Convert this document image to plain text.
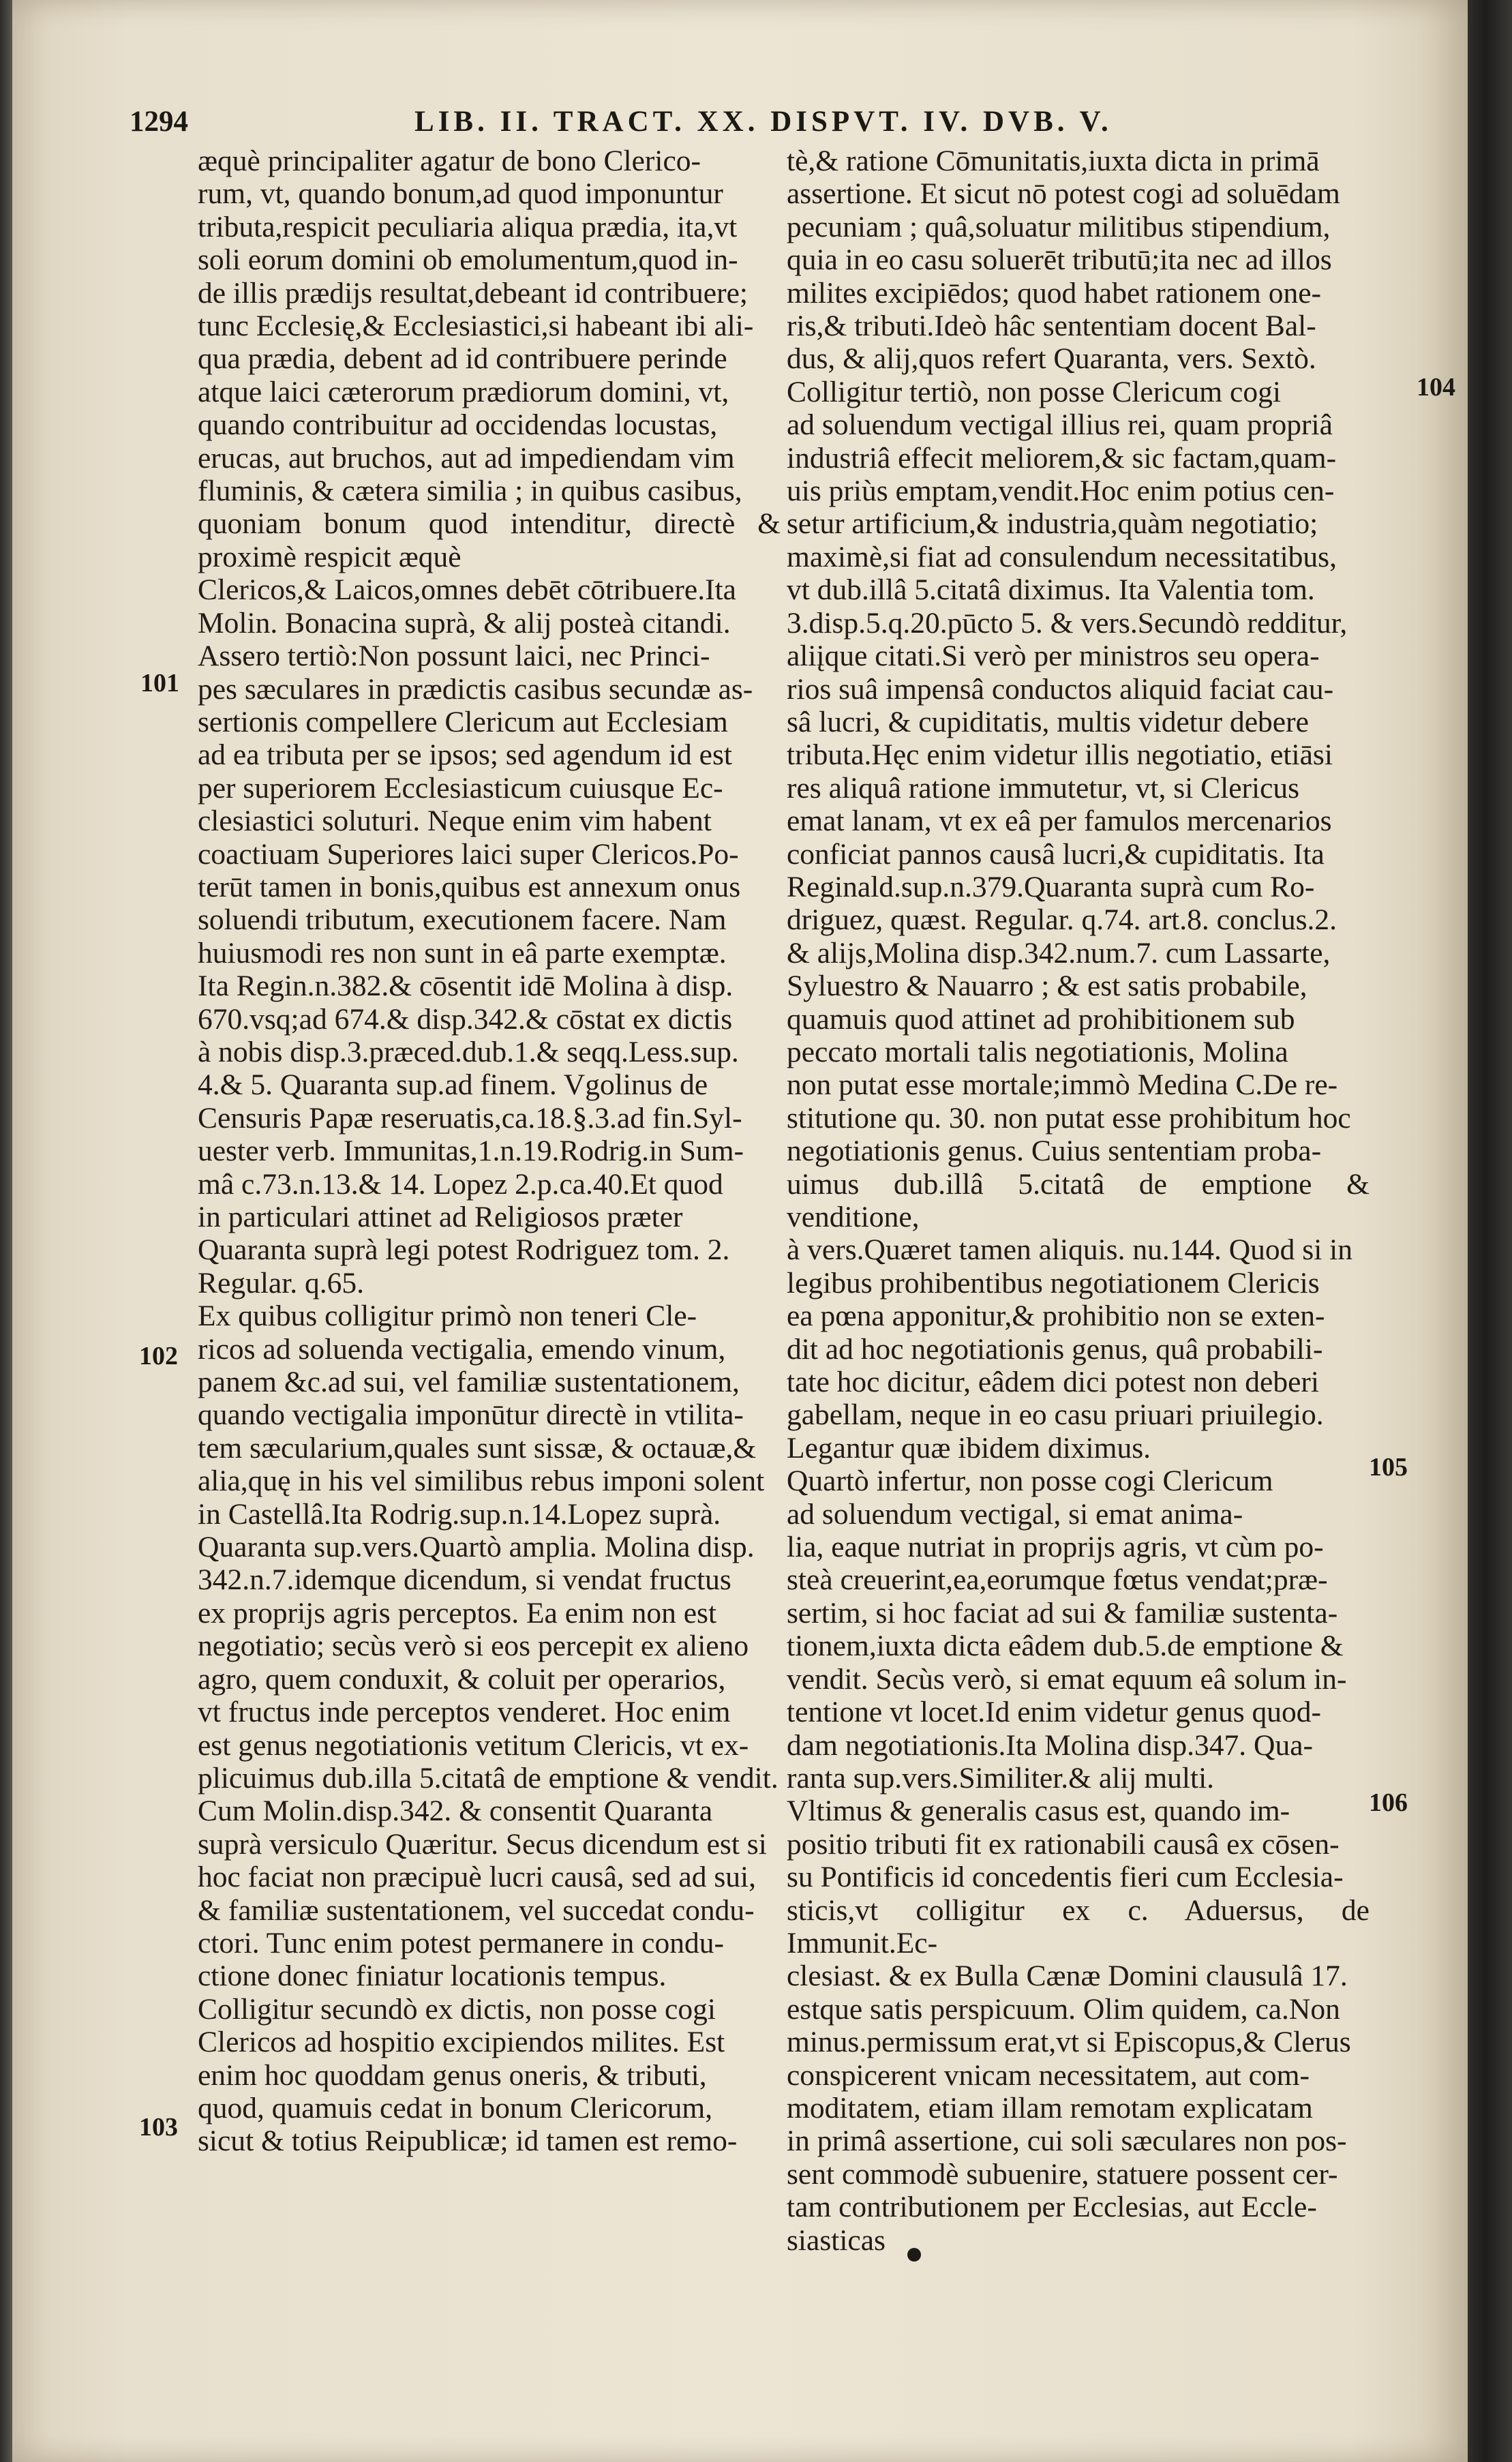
1294	LIB. II. TRACT. XX. DISPVT. IV. DVB. V.
æquè principaliter agatur de bono Clerico-
rum, vt, quando bonum,ad quod imponuntur
tributa,respicit peculiaria aliqua prædia, ita,vt
soli eorum domini ob emolumentum,quod in-
de illis prædijs resultat,debeant id contribuere;
tunc Ecclesię,& Ecclesiastici,si habeant ibi ali-
qua prædia, debent ad id contribuere perinde
atque laici cæterorum prædiorum domini, vt,
quando contribuitur ad occidendas locustas,
erucas, aut bruchos, aut ad impediendam vim
fluminis, & cætera similia ; in quibus casibus,
quoniam bonum quod intenditur, directè & proximè respicit æquè
Clericos,& Laicos,omnes debēt cōtribuere.Ita
Molin. Bonacina suprà, & alij posteà citandi.
Assero tertiò:Non possunt laici, nec Princi-
pes sæculares in prædictis casibus secundæ as-
sertionis compellere Clericum aut Ecclesiam
ad ea tributa per se ipsos; sed agendum id est
per superiorem Ecclesiasticum cuiusque Ec-
clesiastici soluturi. Neque enim vim habent
coactiuam Superiores laici super Clericos.Po-
terūt tamen in bonis,quibus est annexum onus
soluendi tributum, executionem facere. Nam
huiusmodi res non sunt in eâ parte exemptæ.
Ita Regin.n.382.& cōsentit idē Molina à disp.
670.vsq;ad 674.& disp.342.& cōstat ex dictis
à nobis disp.3.præced.dub.1.& seqq.Less.sup.
4.& 5. Quaranta sup.ad finem. Vgolinus de
Censuris Papæ reseruatis,ca.18.§.3.ad fin.Syl-
uester verb. Immunitas,1.n.19.Rodrig.in Sum-
mâ c.73.n.13.& 14. Lopez 2.p.ca.40.Et quod
in particulari attinet ad Religiosos præter
Quaranta suprà legi potest Rodriguez tom. 2.
Regular. q.65.
Ex quibus colligitur primò non teneri Cle-
ricos ad soluenda vectigalia, emendo vinum,
panem &c.ad sui, vel familiæ sustentationem,
quando vectigalia imponūtur directè in vtilita-
tem sæcularium,quales sunt sissæ, & octauæ,&
alia,quę in his vel similibus rebus imponi solent
in Castellâ.Ita Rodrig.sup.n.14.Lopez suprà.
Quaranta sup.vers.Quartò amplia. Molina disp.
342.n.7.idemque dicendum, si vendat fructus
ex proprijs agris perceptos. Ea enim non est
negotiatio; secùs verò si eos percepit ex alieno
agro, quem conduxit, & coluit per operarios,
vt fructus inde perceptos venderet. Hoc enim
est genus negotiationis vetitum Clericis, vt ex-
plicuimus dub.illa 5.citatâ de emptione & vendit.
Cum Molin.disp.342. & consentit Quaranta
suprà versiculo Quæritur. Secus dicendum est si
hoc faciat non præcipuè lucri causâ, sed ad sui,
& familiæ sustentationem, vel succedat condu-
ctori. Tunc enim potest permanere in condu-
ctione donec finiatur locationis tempus.
Colligitur secundò ex dictis, non posse cogi
Clericos ad hospitio excipiendos milites. Est
enim hoc quoddam genus oneris, & tributi,
quod, quamuis cedat in bonum Clericorum,
sicut & totius Reipublicæ; id tamen est remo-
tè,& ratione Cōmunitatis,iuxta dicta in primā
assertione. Et sicut nō potest cogi ad soluēdam
pecuniam ; quâ,soluatur militibus stipendium,
quia in eo casu soluerēt tributū;ita nec ad illos
milites excipiēdos; quod habet rationem one-
ris,& tributi.Ideò hâc sententiam docent Bal-
dus, & alij,quos refert Quaranta, vers. Sextò.
Colligitur tertiò, non posse Clericum cogi
ad soluendum vectigal illius rei, quam propriâ
industriâ effecit meliorem,& sic factam,quam-
uis priùs emptam,vendit.Hoc enim potius cen-
setur artificium,& industria,quàm negotiatio;
maximè,si fiat ad consulendum necessitatibus,
vt dub.illâ 5.citatâ diximus. Ita Valentia tom.
3.disp.5.q.20.pūcto 5. & vers.Secundò redditur,
aliįque citati.Si verò per ministros seu opera-
rios suâ impensâ conductos aliquid faciat cau-
sâ lucri, & cupiditatis, multis videtur debere
tributa.Hęc enim videtur illis negotiatio, etiāsi
res aliquâ ratione immutetur, vt, si Clericus
emat lanam, vt ex eâ per famulos mercenarios
conficiat pannos causâ lucri,& cupiditatis. Ita
Reginald.sup.n.379.Quaranta suprà cum Ro-
driguez, quæst. Regular. q.74. art.8. conclus.2.
& alijs,Molina disp.342.num.7. cum Lassarte,
Syluestro & Nauarro ; & est satis probabile,
quamuis quod attinet ad prohibitionem sub
peccato mortali talis negotiationis, Molina
non putat esse mortale;immò Medina C.De re-
stitutione qu. 30. non putat esse prohibitum hoc
negotiationis genus. Cuius sententiam proba-
uimus dub.illâ 5.citatâ de emptione & venditione,
à vers.Quæret tamen aliquis. nu.144. Quod si in
legibus prohibentibus negotiationem Clericis
ea pœna apponitur,& prohibitio non se exten-
dit ad hoc negotiationis genus, quâ probabili-
tate hoc dicitur, eâdem dici potest non deberi
gabellam, neque in eo casu priuari priuilegio.
Legantur quæ ibidem diximus.
Quartò infertur, non posse cogi Clericum
ad soluendum vectigal, si emat anima-
lia, eaque nutriat in proprijs agris, vt cùm po-
steà creuerint,ea,eorumque fœtus vendat;præ-
sertim, si hoc faciat ad sui & familiæ sustenta-
tionem,iuxta dicta eâdem dub.5.de emptione &
vendit. Secùs verò, si emat equum eâ solum in-
tentione vt locet.Id enim videtur genus quod-
dam negotiationis.Ita Molina disp.347. Qua-
ranta sup.vers.Similiter.& alij multi.
Vltimus & generalis casus est, quando im-
positio tributi fit ex rationabili causâ ex cōsen-
su Pontificis id concedentis fieri cum Ecclesia-
sticis,vt colligitur ex c. Aduersus, de Immunit.Ec-
clesiast. & ex Bulla Cænæ Domini clausulâ 17.
estque satis perspicuum. Olim quidem, ca.Non
minus.permissum erat,vt si Episcopus,& Clerus
conspicerent vnicam necessitatem, aut com-
moditatem, etiam illam remotam explicatam
in primâ assertione, cui soli sæculares non pos-
sent commodè subuenire, statuere possent cer-
tam contributionem per Ecclesias, aut Eccle-
siasticas
101
102
103
104
105
106
